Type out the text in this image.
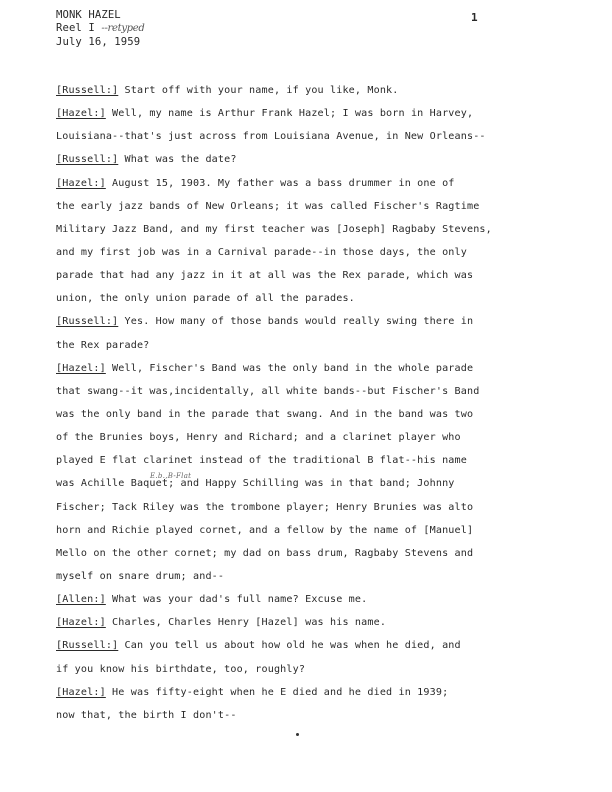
MONK HAZEL
Reel I --retyped
July 16, 1959
1
[Russell:] Start off with your name, if you like, Monk.
[Hazel:] Well, my name is Arthur Frank Hazel; I was born in Harvey,
Louisiana--that's just across from Louisiana Avenue, in New Orleans--
[Russell:] What was the date?
[Hazel:] August 15, 1903. My father was a bass drummer in one of
the early jazz bands of New Orleans; it was called Fischer's Ragtime
Military Jazz Band, and my first teacher was [Joseph] Ragbaby Stevens,
and my first job was in a Carnival parade--in those days, the only
parade that had any jazz in it at all was the Rex parade, which was
union, the only union parade of all the parades.
[Russell:] Yes. How many of those bands would really swing there in
the Rex parade?
[Hazel:] Well, Fischer's Band was the only band in the whole parade
that swang--it was,incidentally, all white bands--but Fischer's Band
was the only band in the parade that swang. And in the band was two
of the Brunies boys, Henry and Richard; and a clarinet player who
played E flat clarinet instead of the traditional B flat--his name
was Achille Baquet; and Happy Schilling was in that band; Johnny
Fischer; Tack Riley was the trombone player; Henry Brunies was alto
horn and Richie played cornet, and a fellow by the name of [Manuel]
Mello on the other cornet; my dad on bass drum, Ragbaby Stevens and
myself on snare drum; and--
[Allen:] What was your dad's full name? Excuse me.
[Hazel:] Charles, Charles Henry [Hazel] was his name.
[Russell:] Can you tell us about how old he was when he died, and
if you know his birthdate, too, roughly?
[Hazel:] He was fifty-eight when he E died and he died in 1939;
now that, the birth I don't--
E.b.,B-Flat
